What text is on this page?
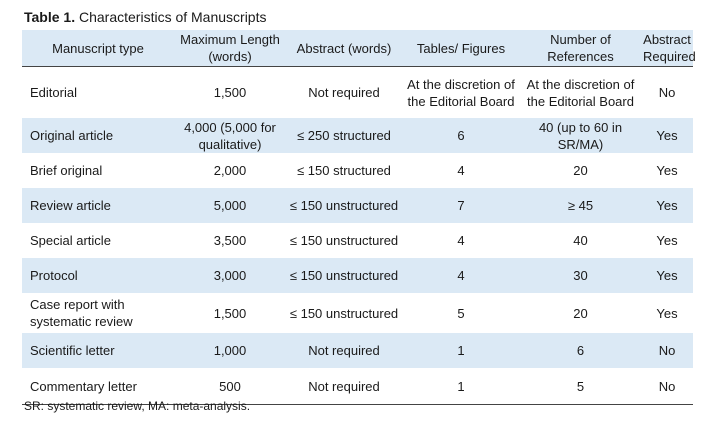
Table 1. Characteristics of Manuscripts
Manuscript type	Maximum Length (words)	Abstract (words)	Tables/ Figures	Number of References	Abstract Required
Editorial	1,500	Not required	At the discretion of the Editorial Board	At the discretion of the Editorial Board	No
Original article	4,000 (5,000 for qualitative)	≤ 250 structured	6	40 (up to 60 in SR/MA)	Yes
Brief original	2,000	≤ 150 structured	4	20	Yes
Review article	5,000	≤ 150 unstructured	7	≥ 45	Yes
Special article	3,500	≤ 150 unstructured	4	40	Yes
Protocol	3,000	≤ 150 unstructured	4	30	Yes
Case report with systematic review	1,500	≤ 150 unstructured	5	20	Yes
Scientific letter	1,000	Not required	1	6	No
Commentary letter	500	Not required	1	5	No
SR: systematic review, MA: meta-analysis.
